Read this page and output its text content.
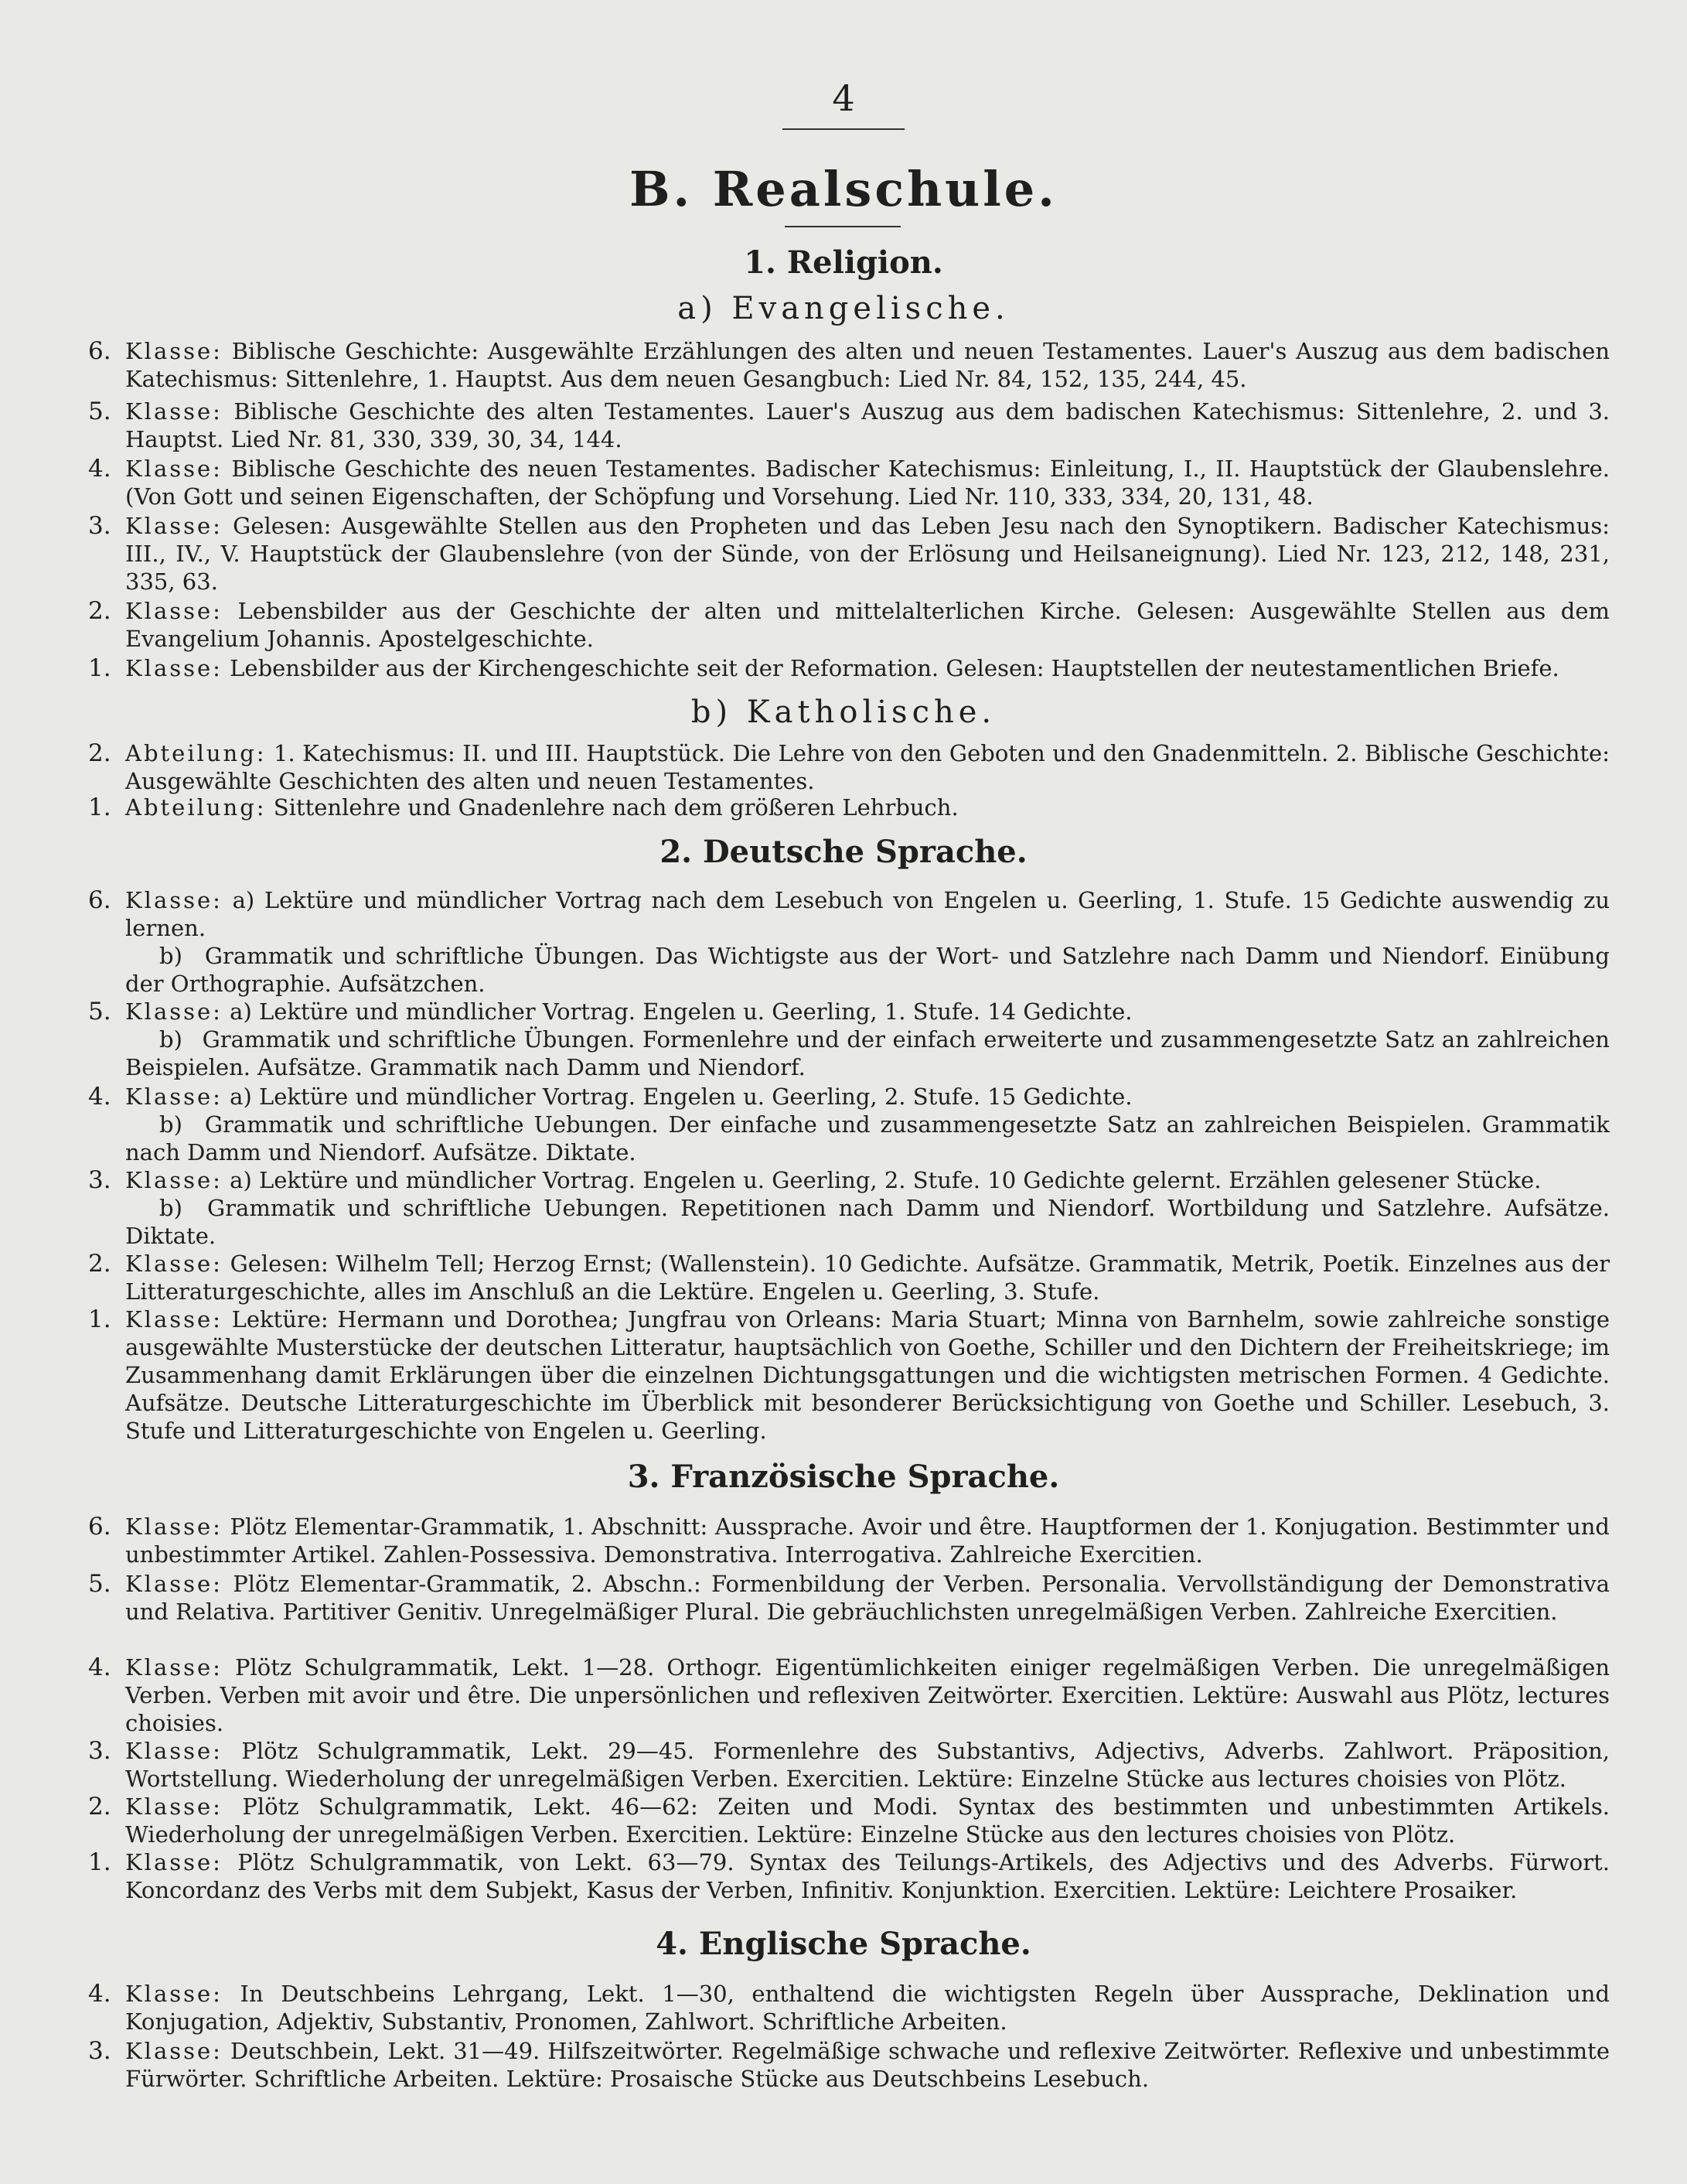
4
B. Realschule.
1. Religion.
a) Evangelische.
6. Klasse: Biblische Geschichte: Ausgewählte Erzählungen des alten und neuen Testamentes. Lauer's Auszug aus dem badischen Katechismus: Sittenlehre, 1. Hauptst. Aus dem neuen Gesangbuch: Lied Nr. 84, 152, 135, 244, 45.
5. Klasse: Biblische Geschichte des alten Testamentes. Lauer's Auszug aus dem badischen Katechismus: Sittenlehre, 2. und 3. Hauptst. Lied Nr. 81, 330, 339, 30, 34, 144.
4. Klasse: Biblische Geschichte des neuen Testamentes. Badischer Katechismus: Einleitung, I., II. Hauptstück der Glaubenslehre. (Von Gott und seinen Eigenschaften, der Schöpfung und Vorsehung. Lied Nr. 110, 333, 334, 20, 131, 48.
3. Klasse: Gelesen: Ausgewählte Stellen aus den Propheten und das Leben Jesu nach den Synoptikern. Badischer Katechismus: III., IV., V. Hauptstück der Glaubenslehre (von der Sünde, von der Erlösung und Heilsaneignung). Lied Nr. 123, 212, 148, 231, 335, 63.
2. Klasse: Lebensbilder aus der Geschichte der alten und mittelalterlichen Kirche. Gelesen: Ausgewählte Stellen aus dem Evangelium Johannis. Apostelgeschichte.
1. Klasse: Lebensbilder aus der Kirchengeschichte seit der Reformation. Gelesen: Hauptstellen der neutestamentlichen Briefe.
b) Katholische.
2. Abteilung: 1. Katechismus: II. und III. Hauptstück. Die Lehre von den Geboten und den Gnadenmitteln. 2. Biblische Geschichte: Ausgewählte Geschichten des alten und neuen Testamentes.
1. Abteilung: Sittenlehre und Gnadenlehre nach dem größeren Lehrbuch.
2. Deutsche Sprache.
6. Klasse: a) Lektüre und mündlicher Vortrag nach dem Lesebuch von Engelen u. Geerling, 1. Stufe. 15 Gedichte auswendig zu lernen.
b) Grammatik und schriftliche Übungen. Das Wichtigste aus der Wort- und Satzlehre nach Damm und Niendorf. Einübung der Orthographie. Aufsätzchen.
5. Klasse: a) Lektüre und mündlicher Vortrag. Engelen u. Geerling, 1. Stufe. 14 Gedichte.
b) Grammatik und schriftliche Übungen. Formenlehre und der einfach erweiterte und zusammengesetzte Satz an zahlreichen Beispielen. Aufsätze. Grammatik nach Damm und Niendorf.
4. Klasse: a) Lektüre und mündlicher Vortrag. Engelen u. Geerling, 2. Stufe. 15 Gedichte.
b) Grammatik und schriftliche Uebungen. Der einfache und zusammengesetzte Satz an zahlreichen Beispielen. Grammatik nach Damm und Niendorf. Aufsätze. Diktate.
3. Klasse: a) Lektüre und mündlicher Vortrag. Engelen u. Geerling, 2. Stufe. 10 Gedichte gelernt. Erzählen gelesener Stücke.
b) Grammatik und schriftliche Uebungen. Repetitionen nach Damm und Niendorf. Wortbildung und Satzlehre. Aufsätze. Diktate.
2. Klasse: Gelesen: Wilhelm Tell; Herzog Ernst; (Wallenstein). 10 Gedichte. Aufsätze. Grammatik, Metrik, Poetik. Einzelnes aus der Litteraturgeschichte, alles im Anschluß an die Lektüre. Engelen u. Geerling, 3. Stufe.
1. Klasse: Lektüre: Hermann und Dorothea; Jungfrau von Orleans: Maria Stuart; Minna von Barnhelm, sowie zahlreiche sonstige ausgewählte Musterstücke der deutschen Litteratur, hauptsächlich von Goethe, Schiller und den Dichtern der Freiheitskriege; im Zusammenhang damit Erklärungen über die einzelnen Dichtungsgattungen und die wichtigsten metrischen Formen. 4 Gedichte. Aufsätze. Deutsche Litteraturgeschichte im Überblick mit besonderer Berücksichtigung von Goethe und Schiller. Lesebuch, 3. Stufe und Litteraturgeschichte von Engelen u. Geerling.
3. Französische Sprache.
6. Klasse: Plötz Elementar-Grammatik, 1. Abschnitt: Aussprache. Avoir und être. Hauptformen der 1. Konjugation. Bestimmter und unbestimmter Artikel. Zahlen-Possessiva. Demonstrativa. Interrogativa. Zahlreiche Exercitien.
5. Klasse: Plötz Elementar-Grammatik, 2. Abschn.: Formenbildung der Verben. Personalia. Vervollständigung der Demonstrativa und Relativa. Partitiver Genitiv. Unregelmäßiger Plural. Die gebräuchlichsten unregelmäßigen Verben. Zahlreiche Exercitien.
4. Klasse: Plötz Schulgrammatik, Lekt. 1—28. Orthogr. Eigentümlichkeiten einiger regelmäßigen Verben. Die unregelmäßigen Verben. Verben mit avoir und être. Die unpersönlichen und reflexiven Zeitwörter. Exercitien. Lektüre: Auswahl aus Plötz, lectures choisies.
3. Klasse: Plötz Schulgrammatik, Lekt. 29—45. Formenlehre des Substantivs, Adjectivs, Adverbs. Zahlwort. Präposition, Wortstellung. Wiederholung der unregelmäßigen Verben. Exercitien. Lektüre: Einzelne Stücke aus lectures choisies von Plötz.
2. Klasse: Plötz Schulgrammatik, Lekt. 46—62: Zeiten und Modi. Syntax des bestimmten und unbestimmten Artikels. Wiederholung der unregelmäßigen Verben. Exercitien. Lektüre: Einzelne Stücke aus den lectures choisies von Plötz.
1. Klasse: Plötz Schulgrammatik, von Lekt. 63—79. Syntax des Teilungs-Artikels, des Adjectivs und des Adverbs. Fürwort. Koncordanz des Verbs mit dem Subjekt, Kasus der Verben, Infinitiv. Konjunktion. Exercitien. Lektüre: Leichtere Prosaiker.
4. Englische Sprache.
4. Klasse: In Deutschbeins Lehrgang, Lekt. 1—30, enthaltend die wichtigsten Regeln über Aussprache, Deklination und Konjugation, Adjektiv, Substantiv, Pronomen, Zahlwort. Schriftliche Arbeiten.
3. Klasse: Deutschbein, Lekt. 31—49. Hilfszeitwörter. Regelmäßige schwache und reflexive Zeitwörter. Reflexive und unbestimmte Fürwörter. Schriftliche Arbeiten. Lektüre: Prosaische Stücke aus Deutschbeins Lesebuch.
